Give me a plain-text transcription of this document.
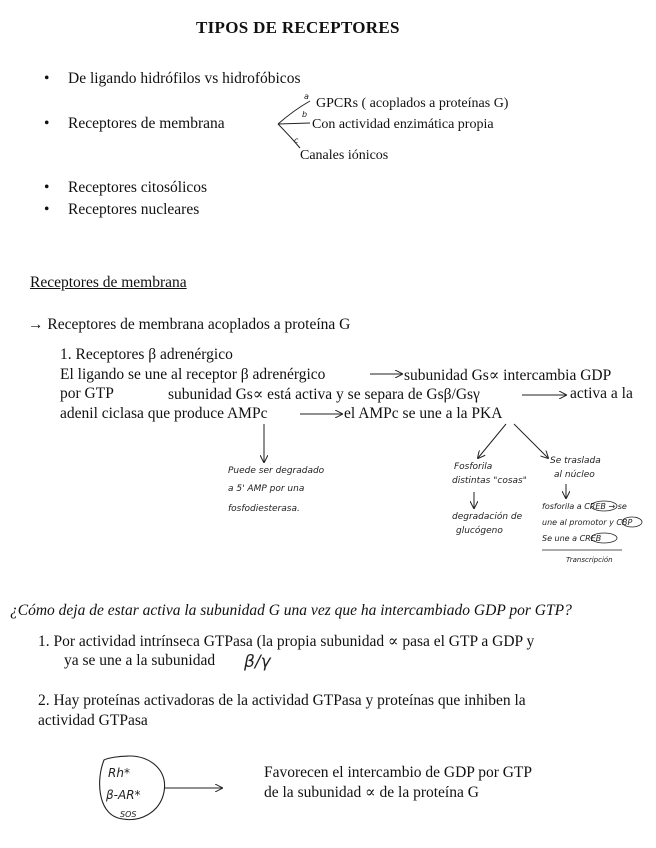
TIPOS DE RECEPTORES
• De ligando hidrófilos vs hidrofóbicos
• Receptores de membrana
• Receptores citosólicos
• Receptores nucleares
a GPCRs ( acoplados a proteínas G)
b
Con actividad enzimática propia
c
Canales iónicos
Receptores de membrana
→ Receptores de membrana acoplados a proteína G
1. Receptores β adrenérgico
El ligando se une al receptor β adrenérgico	subunidad Gs∝ intercambia GDP
por GTP	subunidad Gs∝ está activa y se separa de Gsβ/Gsγ	activa a la
adenil ciclasa que produce AMPc	el AMPc se une a la PKA
Puede ser degradado
a 5' AMP por una
fosfodiesterasa.
Fosforila
distintas "cosas"
degradación de
glucógeno
Se traslada
al núcleo
fosforila a CREB → se
une al promotor y CBP
Se une a CREB
Transcripción
¿Cómo deja de estar activa la subunidad G una vez que ha intercambiado GDP por GTP?
1. Por actividad intrínseca GTPasa (la propia subunidad ∝ pasa el GTP a GDP y
ya se une a la subunidad β/γ
2. Hay proteínas activadoras de la actividad GTPasa y proteínas que inhiben la
actividad GTPasa
Rh*
β-AR*
SOS
Favorecen el intercambio de GDP por GTP
de la subunidad ∝ de la proteína G
